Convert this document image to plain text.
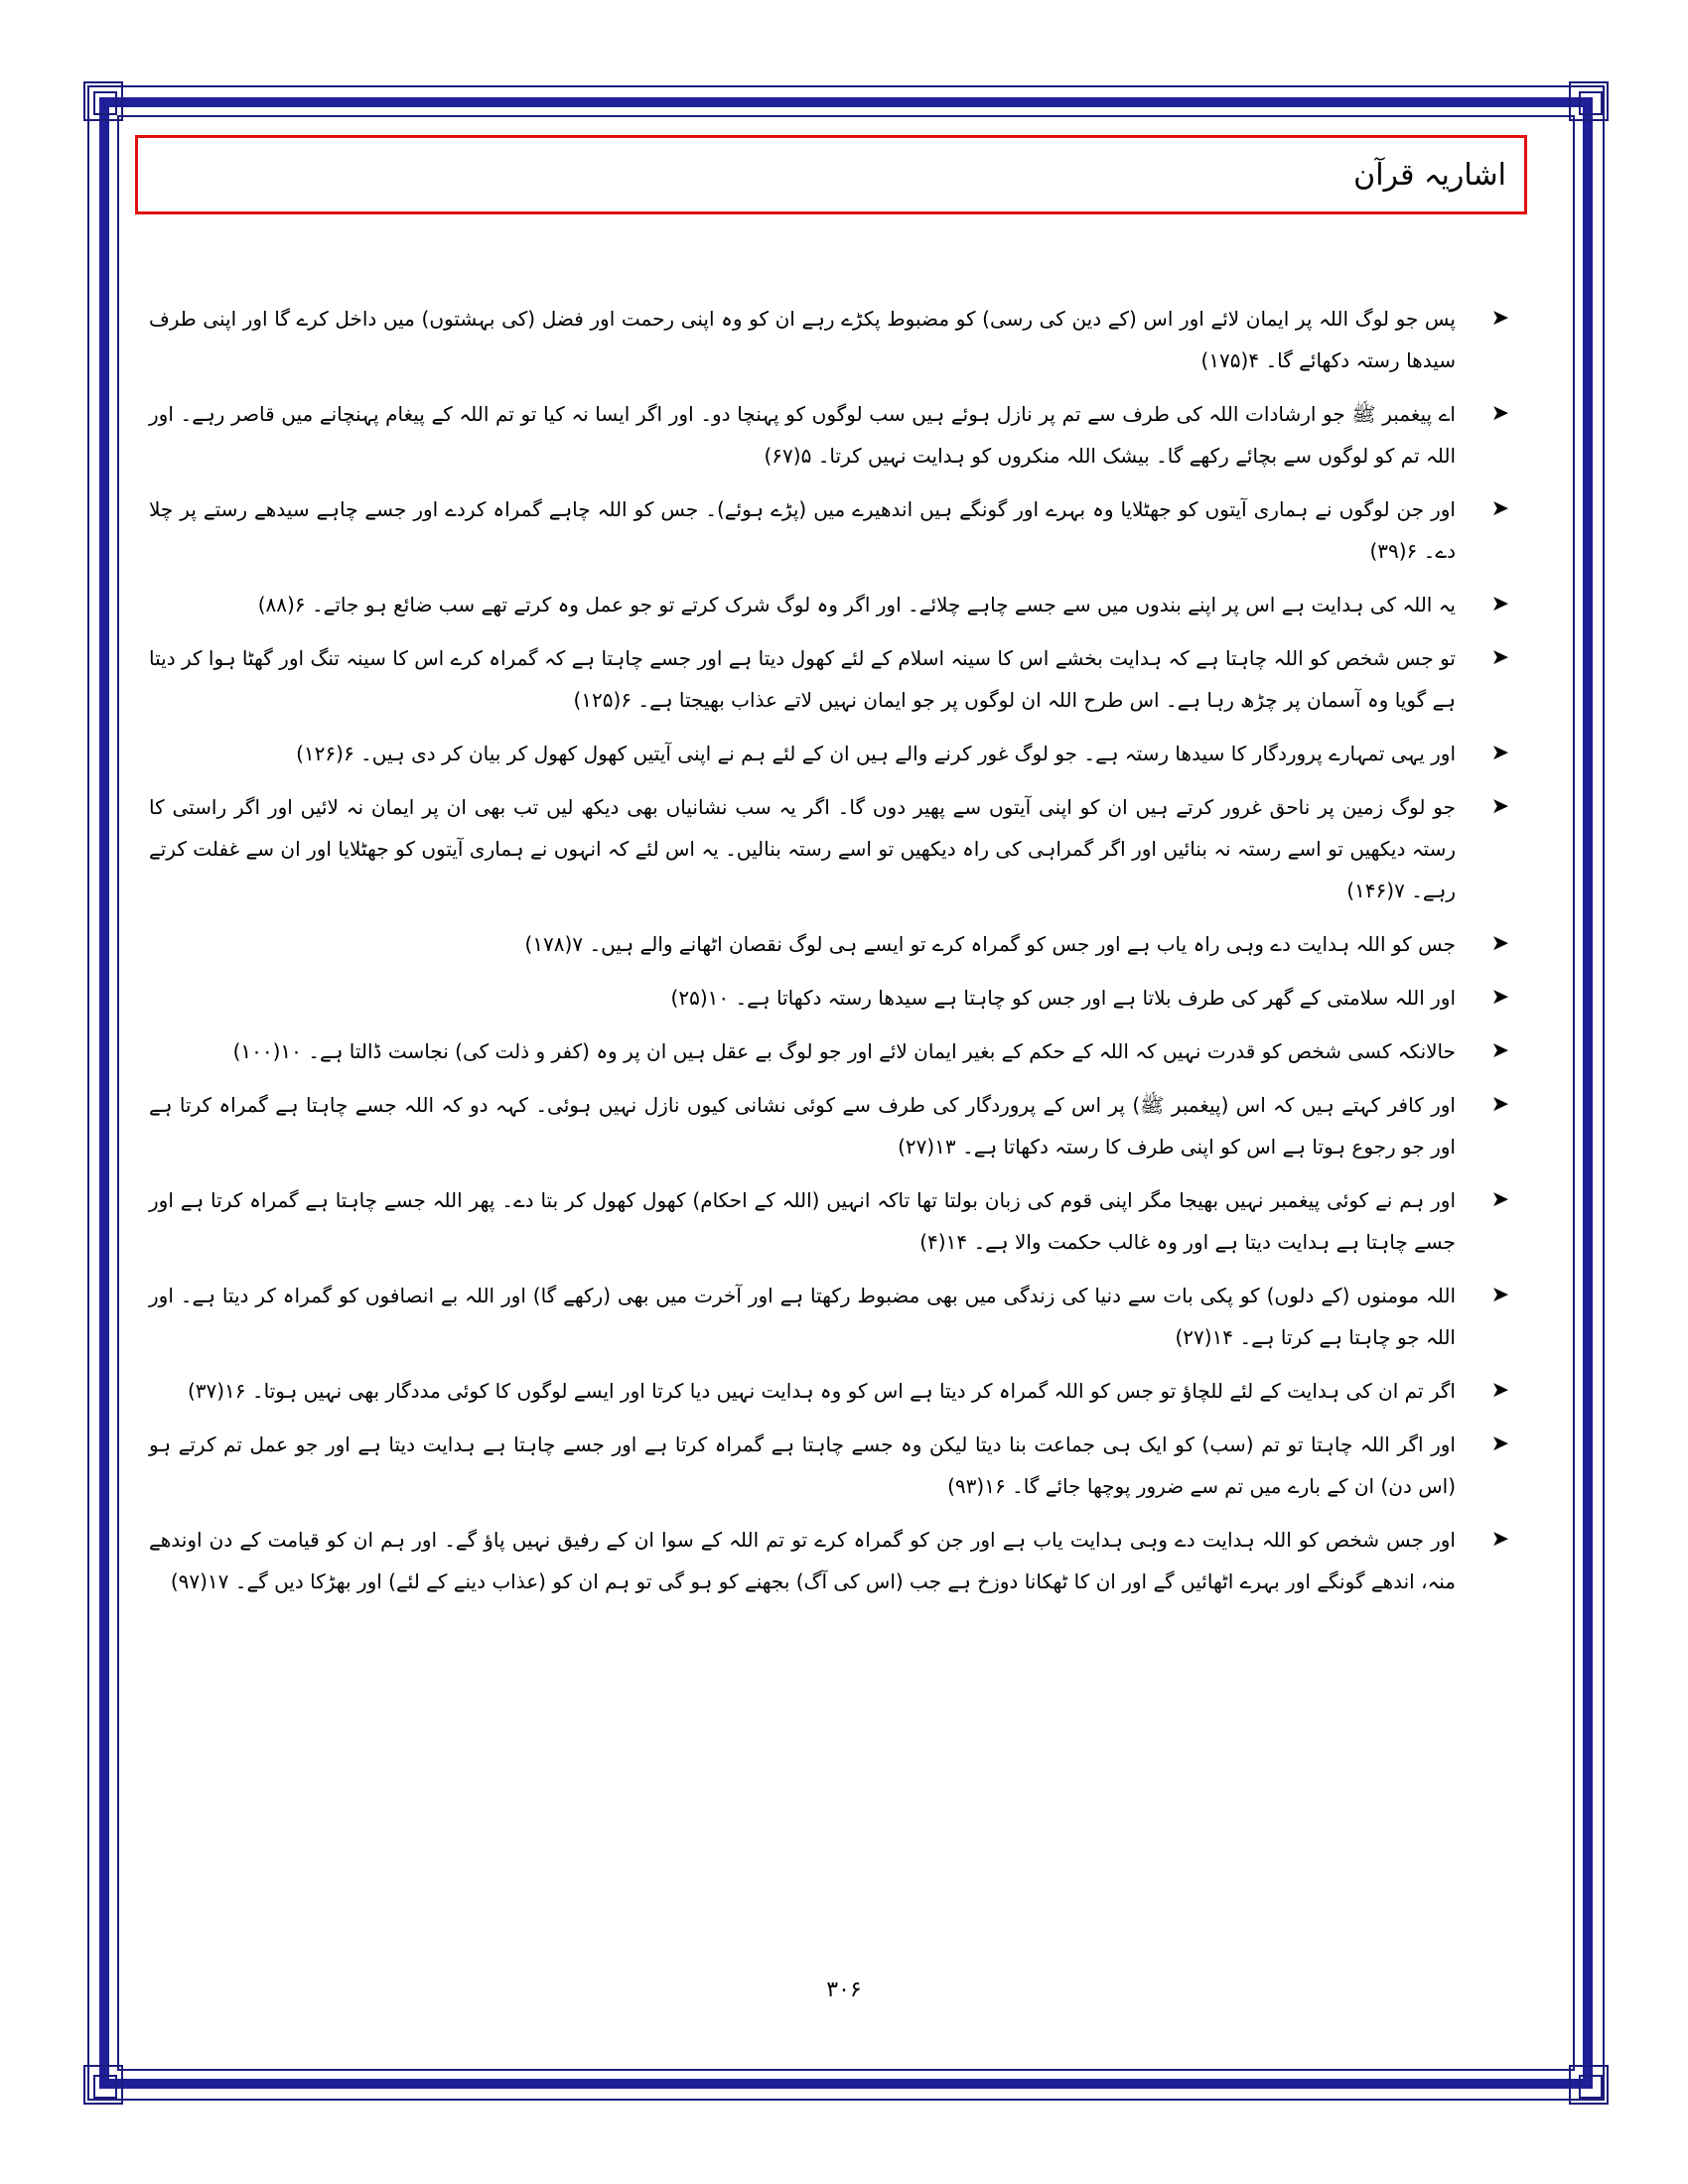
اشاریہ قرآن
➤
پس جو لوگ اللہ پر ایمان لائے اور اس (کے دین کی رسی) کو مضبوط پکڑے رہے ان کو وہ اپنی رحمت اور فضل (کی بہشتوں) میں داخل کرے گا اور اپنی طرف سیدھا رستہ دکھائے گا۔ ۴(۱۷۵)
➤
اے پیغمبر ﷺ جو ارشادات اللہ کی طرف سے تم پر نازل ہوئے ہیں سب لوگوں کو پہنچا دو۔ اور اگر ایسا نہ کیا تو تم اللہ کے پیغام پہنچانے میں قاصر رہے۔ اور اللہ تم کو لوگوں سے بچائے رکھے گا۔ بیشک اللہ منکروں کو ہدایت نہیں کرتا۔ ۵(۶۷)
➤
اور جن لوگوں نے ہماری آیتوں کو جھٹلایا وہ بہرے اور گونگے ہیں اندھیرے میں (پڑے ہوئے)۔ جس کو اللہ چاہے گمراہ کردے اور جسے چاہے سیدھے رستے پر چلا دے۔ ۶(۳۹)
➤
یہ اللہ کی ہدایت ہے اس پر اپنے بندوں میں سے جسے چاہے چلائے۔ اور اگر وہ لوگ شرک کرتے تو جو عمل وہ کرتے تھے سب ضائع ہو جاتے۔ ۶(۸۸)
➤
تو جس شخص کو اللہ چاہتا ہے کہ ہدایت بخشے اس کا سینہ اسلام کے لئے کھول دیتا ہے اور جسے چاہتا ہے کہ گمراہ کرے اس کا سینہ تنگ اور گھٹا ہوا کر دیتا ہے گویا وہ آسمان پر چڑھ رہا ہے۔ اس طرح اللہ ان لوگوں پر جو ایمان نہیں لاتے عذاب بھیجتا ہے۔ ۶(۱۲۵)
➤
اور یہی تمہارے پروردگار کا سیدھا رستہ ہے۔ جو لوگ غور کرنے والے ہیں ان کے لئے ہم نے اپنی آیتیں کھول کھول کر بیان کر دی ہیں۔ ۶(۱۲۶)
➤
جو لوگ زمین پر ناحق غرور کرتے ہیں ان کو اپنی آیتوں سے پھیر دوں گا۔ اگر یہ سب نشانیاں بھی دیکھ لیں تب بھی ان پر ایمان نہ لائیں اور اگر راستی کا رستہ دیکھیں تو اسے رستہ نہ بنائیں اور اگر گمراہی کی راہ دیکھیں تو اسے رستہ بنالیں۔ یہ اس لئے کہ انہوں نے ہماری آیتوں کو جھٹلایا اور ان سے غفلت کرتے رہے۔ ۷(۱۴۶)
➤
جس کو اللہ ہدایت دے وہی راہ یاب ہے اور جس کو گمراہ کرے تو ایسے ہی لوگ نقصان اٹھانے والے ہیں۔ ۷(۱۷۸)
➤
اور اللہ سلامتی کے گھر کی طرف بلاتا ہے اور جس کو چاہتا ہے سیدھا رستہ دکھاتا ہے۔ ۱۰(۲۵)
➤
حالانکہ کسی شخص کو قدرت نہیں کہ اللہ کے حکم کے بغیر ایمان لائے اور جو لوگ بے عقل ہیں ان پر وہ (کفر و ذلت کی) نجاست ڈالتا ہے۔ ۱۰(۱۰۰)
➤
اور کافر کہتے ہیں کہ اس (پیغمبر ﷺ) پر اس کے پروردگار کی طرف سے کوئی نشانی کیوں نازل نہیں ہوئی۔ کہہ دو کہ اللہ جسے چاہتا ہے گمراہ کرتا ہے اور جو رجوع ہوتا ہے اس کو اپنی طرف کا رستہ دکھاتا ہے۔ ۱۳(۲۷)
➤
اور ہم نے کوئی پیغمبر نہیں بھیجا مگر اپنی قوم کی زبان بولتا تھا تاکہ انہیں (اللہ کے احکام) کھول کھول کر بتا دے۔ پھر اللہ جسے چاہتا ہے گمراہ کرتا ہے اور جسے چاہتا ہے ہدایت دیتا ہے اور وہ غالب حکمت والا ہے۔ ۱۴(۴)
➤
اللہ مومنوں (کے دلوں) کو پکی بات سے دنیا کی زندگی میں بھی مضبوط رکھتا ہے اور آخرت میں بھی (رکھے گا) اور اللہ بے انصافوں کو گمراہ کر دیتا ہے۔ اور اللہ جو چاہتا ہے کرتا ہے۔ ۱۴(۲۷)
➤
اگر تم ان کی ہدایت کے لئے للچاؤ تو جس کو اللہ گمراہ کر دیتا ہے اس کو وہ ہدایت نہیں دیا کرتا اور ایسے لوگوں کا کوئی مددگار بھی نہیں ہوتا۔ ۱۶(۳۷)
➤
اور اگر اللہ چاہتا تو تم (سب) کو ایک ہی جماعت بنا دیتا لیکن وہ جسے چاہتا ہے گمراہ کرتا ہے اور جسے چاہتا ہے ہدایت دیتا ہے اور جو عمل تم کرتے ہو (اس دن) ان کے بارے میں تم سے ضرور پوچھا جائے گا۔ ۱۶(۹۳)
➤
اور جس شخص کو اللہ ہدایت دے وہی ہدایت یاب ہے اور جن کو گمراہ کرے تو تم اللہ کے سوا ان کے رفیق نہیں پاؤ گے۔ اور ہم ان کو قیامت کے دن اوندھے منہ، اندھے گونگے اور بہرے اٹھائیں گے اور ان کا ٹھکانا دوزخ ہے جب (اس کی آگ) بجھنے کو ہو گی تو ہم ان کو (عذاب دینے کے لئے) اور بھڑکا دیں گے۔ ۱۷(۹۷)
۳۰۶
